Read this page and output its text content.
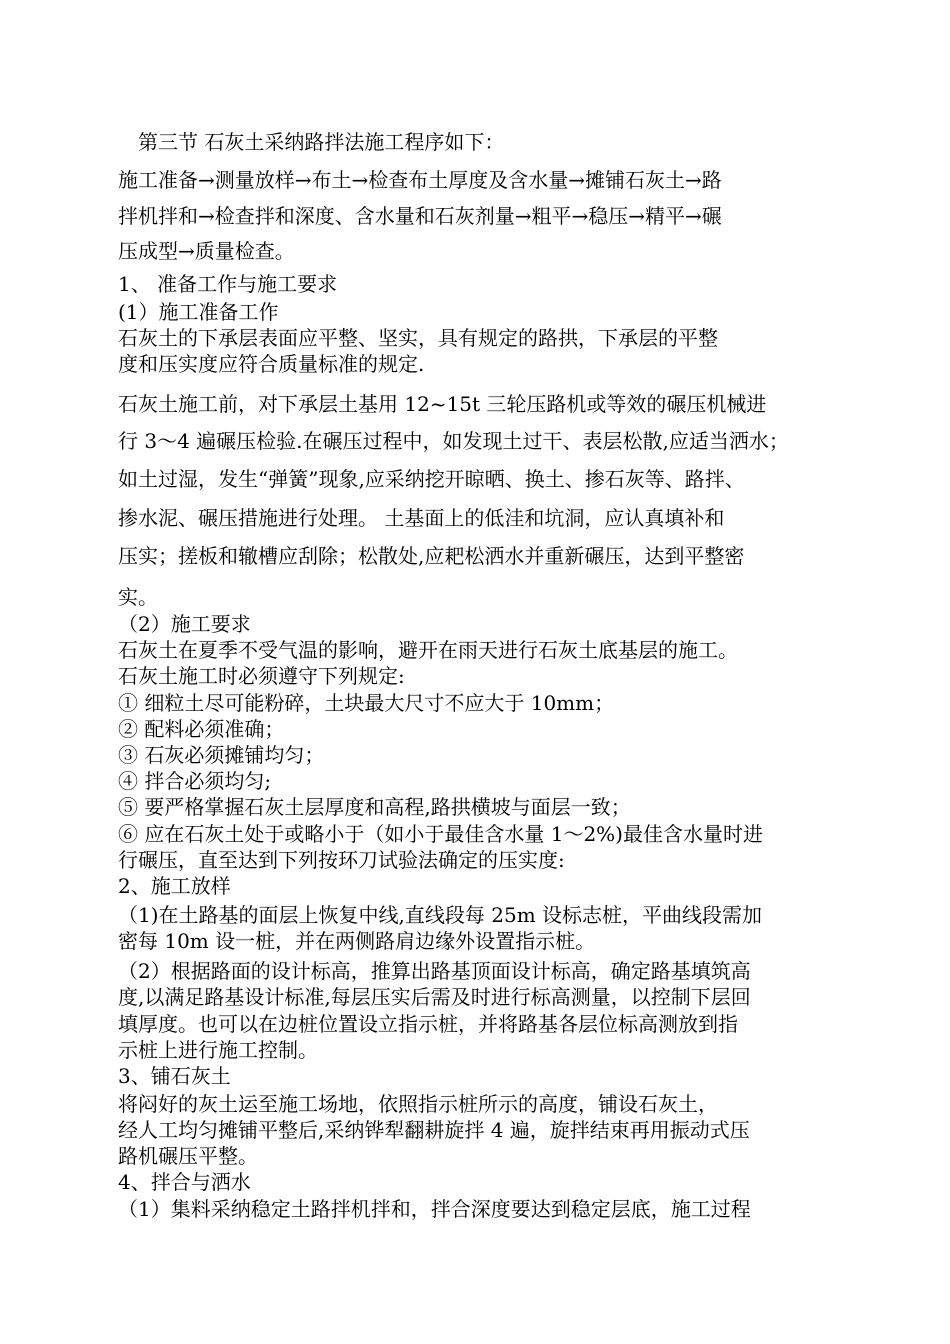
第三节 石灰土采纳路拌法施工程序如下：
施工准备→测量放样→布土→检查布土厚度及含水量→摊铺石灰土→路
拌机拌和→检查拌和深度、含水量和石灰剂量→粗平→稳压→精平→碾
压成型→质量检查。
1、 准备工作与施工要求
(1）施工准备工作
石灰土的下承层表面应平整、坚实，具有规定的路拱，下承层的平整
度和压实度应符合质量标准的规定.
石灰土施工前，对下承层土基用 12~15t 三轮压路机或等效的碾压机械进
行 3～4 遍碾压检验.在碾压过程中，如发现土过干、表层松散,应适当洒水；
如土过湿，发生“弹簧”现象,应采纳挖开晾晒、换土、掺石灰等、路拌、
掺水泥、碾压措施进行处理。 土基面上的低洼和坑洞，应认真填补和
压实；搓板和辙槽应刮除；松散处,应耙松洒水并重新碾压，达到平整密
实。
（2）施工要求
石灰土在夏季不受气温的影响，避开在雨天进行石灰土底基层的施工。
石灰土施工时必须遵守下列规定:
① 细粒土尽可能粉碎，土块最大尺寸不应大于 10mm；
② 配料必须准确；
③ 石灰必须摊铺均匀；
④ 拌合必须均匀;
⑤ 要严格掌握石灰土层厚度和高程,路拱横坡与面层一致；
⑥ 应在石灰土处于或略小于（如小于最佳含水量 1～2%)最佳含水量时进
行碾压，直至达到下列按环刀试验法确定的压实度:
2、施工放样
（1)在土路基的面层上恢复中线,直线段每 25m 设标志桩，平曲线段需加
密每 10m 设一桩，并在两侧路肩边缘外设置指示桩。
（2）根据路面的设计标高，推算出路基顶面设计标高，确定路基填筑高
度,以满足路基设计标准,每层压实后需及时进行标高测量，以控制下层回
填厚度。也可以在边桩位置设立指示桩，并将路基各层位标高测放到指
示桩上进行施工控制。
3、铺石灰土
将闷好的灰土运至施工场地，依照指示桩所示的高度，铺设石灰土，
经人工均匀摊铺平整后,采纳铧犁翻耕旋拌 4 遍，旋拌结束再用振动式压
路机碾压平整。
4、拌合与洒水
（1）集料采纳稳定土路拌机拌和，拌合深度要达到稳定层底，施工过程
